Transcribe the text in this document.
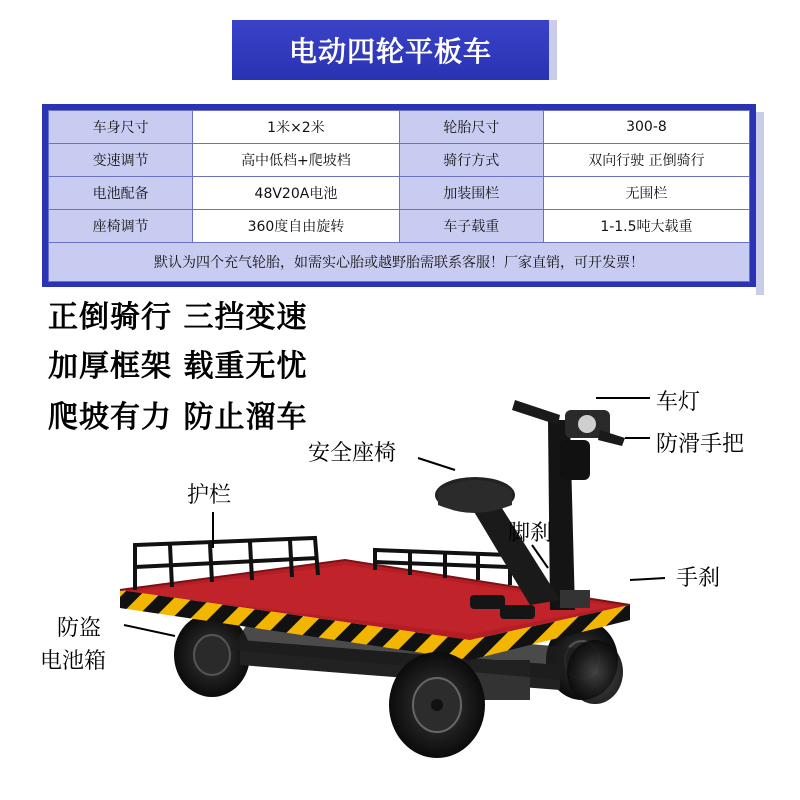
电动四轮平板车
车身尺寸	1米×2米	轮胎尺寸	300-8
变速调节	高中低档+爬坡档	骑行方式	双向行驶 正倒骑行
电池配备	48V20A电池	加装围栏	无围栏
座椅调节	360度自由旋转	车子载重	1-1.5吨大载重
默认为四个充气轮胎，如需实心胎或越野胎需联系客服！厂家直销，可开发票！			
正倒骑行 三挡变速
加厚框架 载重无忧
爬坡有力 防止溜车	车灯
防滑手把
安全座椅
护栏
脚刹
手刹
防盗
电池箱
